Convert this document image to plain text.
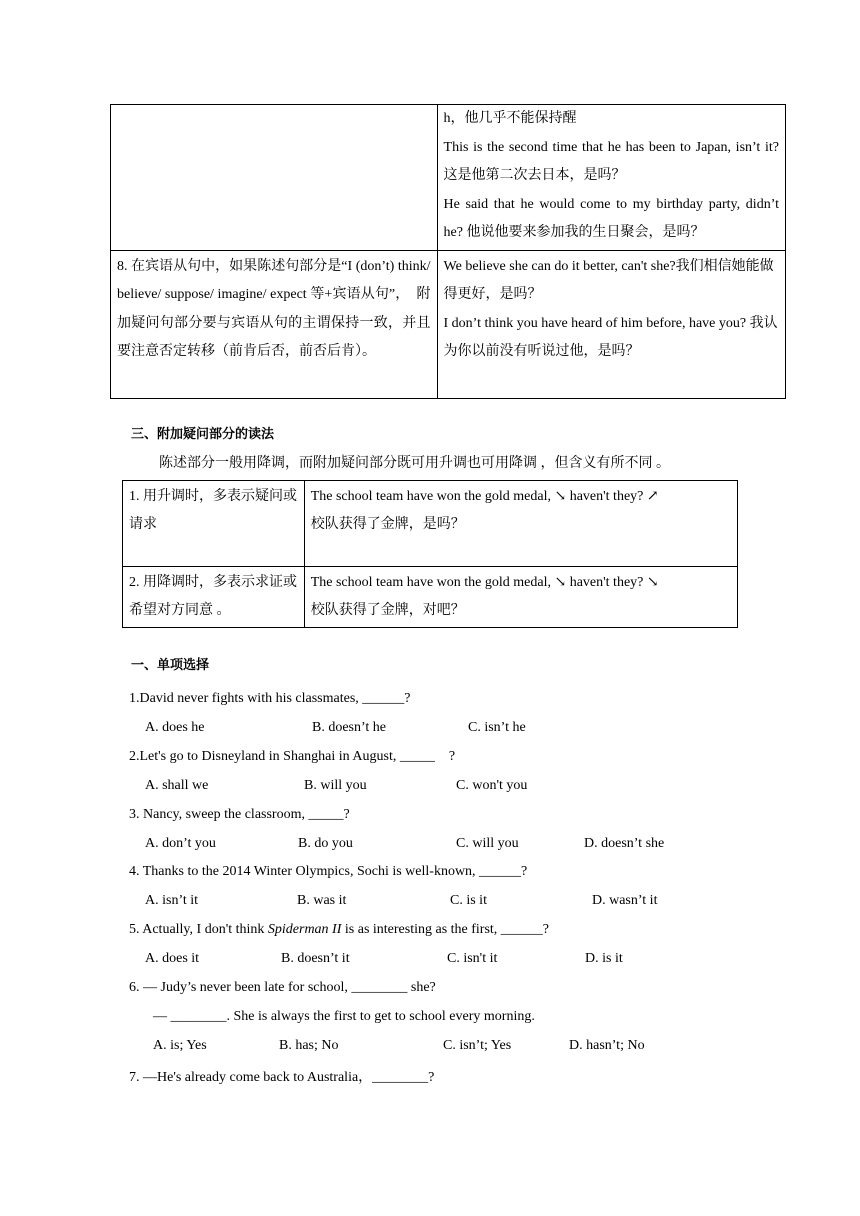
	h，他几乎不能保持醒

This is the second time that he has been to Japan, isn’t it? 这是他第二次去日本，是吗？

He said that he would come to my birthday party, didn’t he? 他说他要来参加我的生日聚会，是吗？

8. 在宾语从句中，如果陈述句部分是“I (don’t) think/ believe/ suppose/ imagine/ expect 等+宾语从句”，　附加疑问句部分要与宾语从句的主谓保持一致，并且要注意否定转移（前肯后否，前否后肯）。	We believe she can do it better, can't she?我们相信她能做得更好，是吗？

I don’t think you have heard of him before, have you? 我认为你以前没有听说过他，是吗？

三、附加疑问部分的读法
陈述部分一般用降调，而附加疑问部分既可用升调也可用降调 ，但含义有所不同 。
1. 用升调时，多表示疑问或请求	The school team have won the gold medal, ↘ haven't they? ↗

校队获得了金牌，是吗？

2. 用降调时，多表示求证或希望对方同意 。	The school team have won the gold medal, ↘ haven't they? ↘

校队获得了金牌，对吧？

一、单项选择
1.David never fights with his classmates, ______?
A. does he	B. doesn’t he	C. isn’t he
2.Let's go to Disneyland in Shanghai in August, _____    ?
A. shall we	B. will you	C. won't you
3. Nancy, sweep the classroom, _____?
A. don’t you	B. do you	C. will you	D. doesn’t she
4. Thanks to the 2014 Winter Olympics, Sochi is well-known, ______?
A. isn’t it	B. was it	C. is it	D. wasn’t it
5. Actually, I don't think Spiderman II is as interesting as the first, ______?
A. does it	B. doesn’t it	C. isn't it	D. is it
6. — Judy’s never been late for school, ________ she?
— ________. She is always the first to get to school every morning.
A. is; Yes	B. has; No	C. isn’t; Yes	D. hasn’t; No
7. —He's already come back to Australia，________?
